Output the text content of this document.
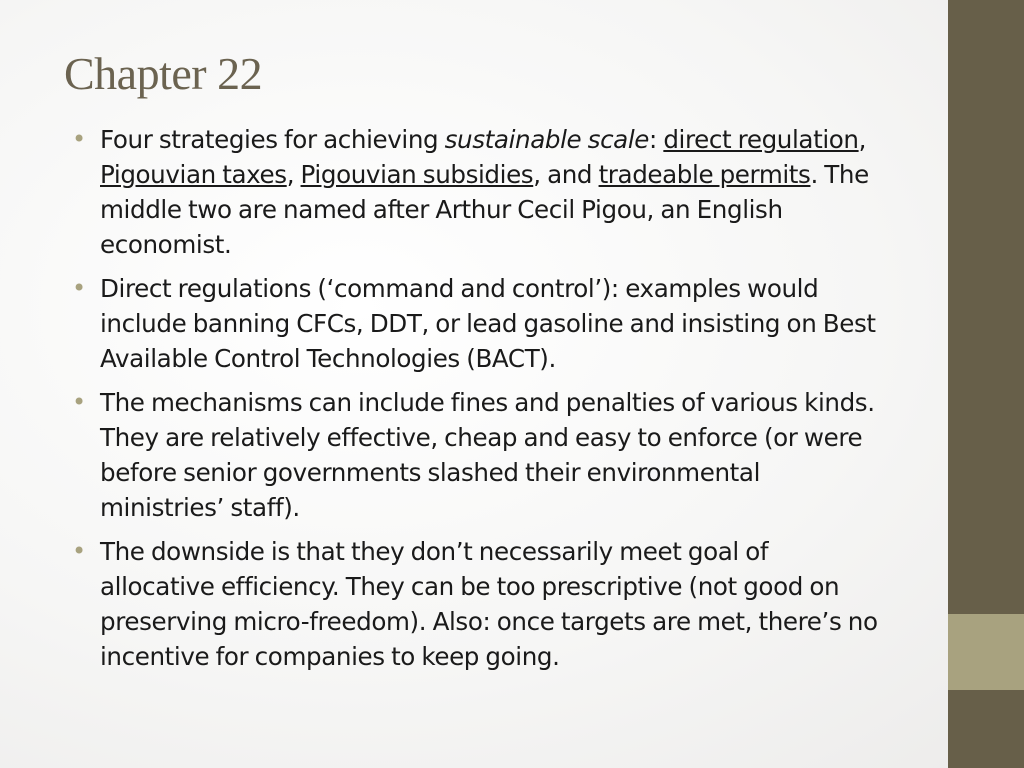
Chapter 22
• Four strategies for achieving sustainable scale: direct regulation, Pigouvian taxes, Pigouvian subsidies, and tradeable permits. The middle two are named after Arthur Cecil Pigou, an English economist.
• Direct regulations (‘command and control’): examples would include banning CFCs, DDT, or lead gasoline and insisting on Best Available Control Technologies (BACT).
• The mechanisms can include fines and penalties of various kinds. They are relatively effective, cheap and easy to enforce (or were before senior governments slashed their environmental ministries’ staff).
• The downside is that they don’t necessarily meet goal of allocative efficiency. They can be too prescriptive (not good on preserving micro-freedom). Also: once targets are met, there’s no incentive for companies to keep going.
